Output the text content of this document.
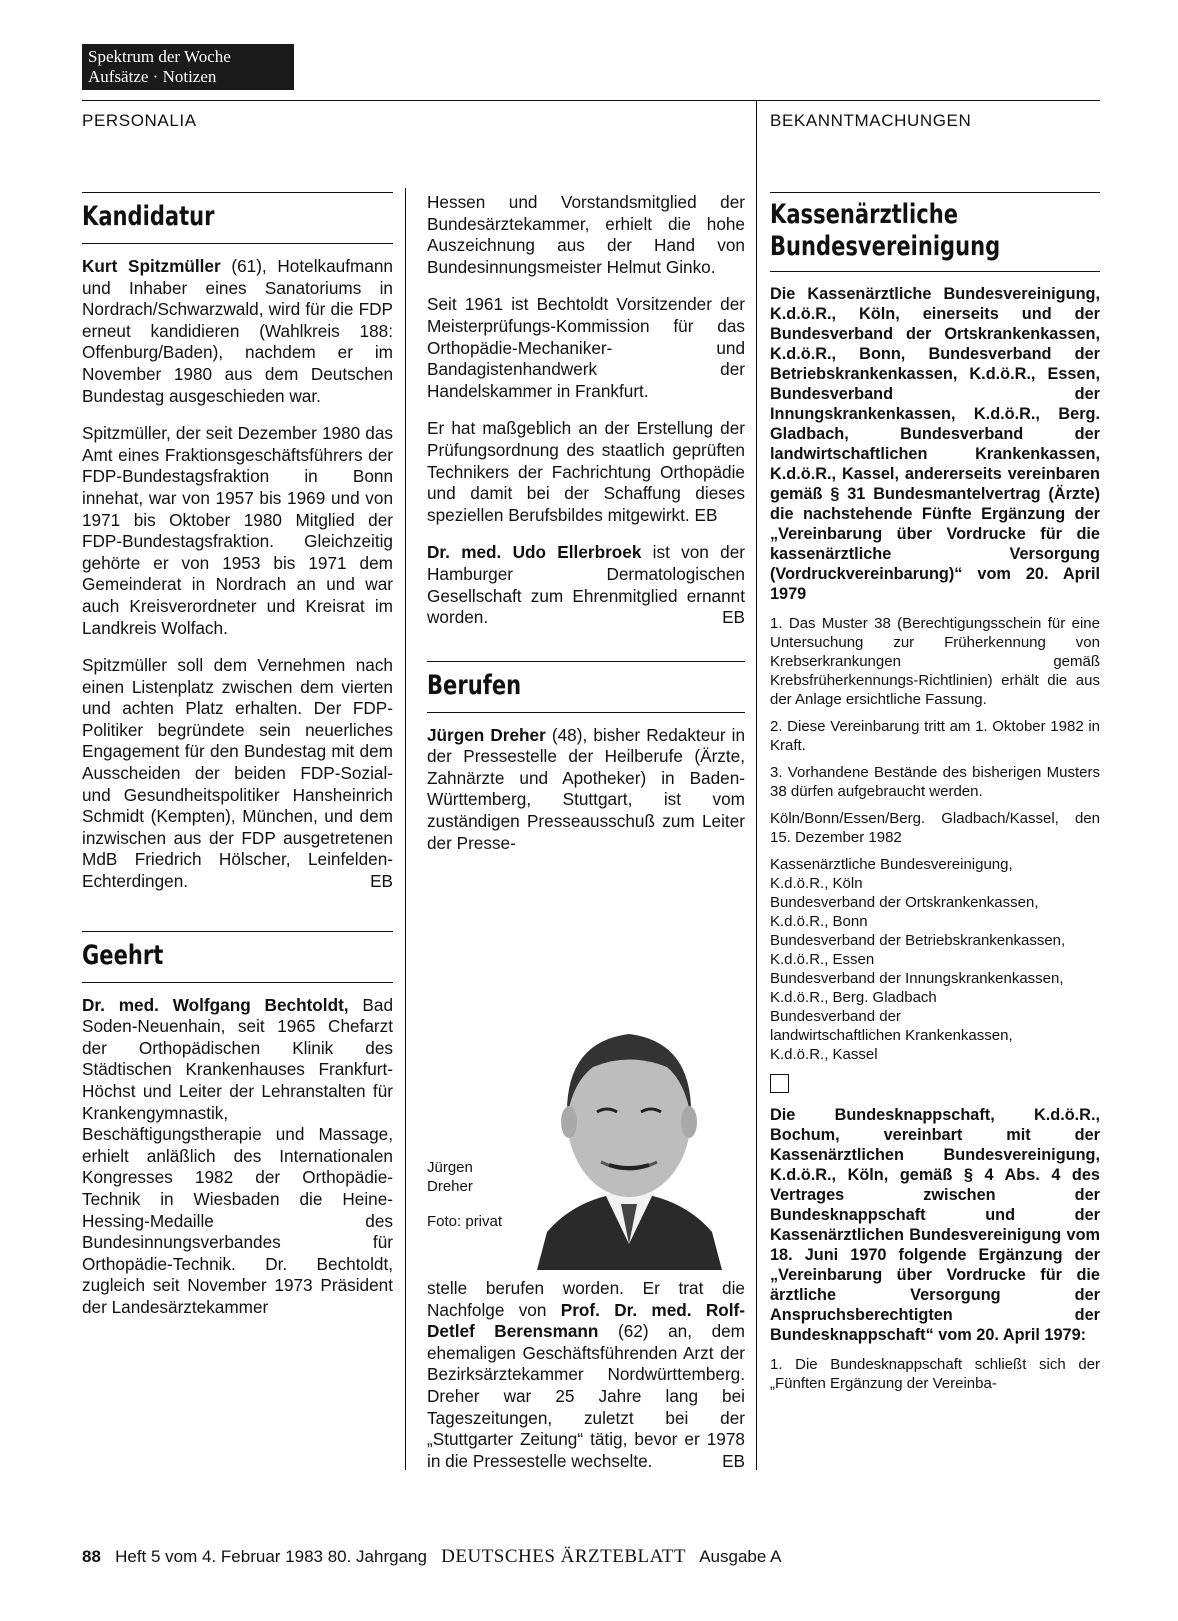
Spektrum der Woche
Aufsätze · Notizen
PERSONALIA	BEKANNTMACHUNGEN
Kandidatur

Kurt Spitzmüller (61), Hotelkaufmann und Inhaber eines Sanatoriums in Nordrach/Schwarzwald, wird für die FDP erneut kandidieren (Wahlkreis 188: Offenburg/Baden), nachdem er im November 1980 aus dem Deutschen Bundestag ausgeschieden war.

Spitzmüller, der seit Dezember 1980 das Amt eines Fraktionsgeschäftsführers der FDP-Bundestagsfraktion in Bonn innehat, war von 1957 bis 1969 und von 1971 bis Oktober 1980 Mitglied der FDP-Bundestagsfraktion. Gleichzeitig gehörte er von 1953 bis 1971 dem Gemeinderat in Nordrach an und war auch Kreisverordneter und Kreisrat im Landkreis Wolfach.

Spitzmüller soll dem Vernehmen nach einen Listenplatz zwischen dem vierten und achten Platz erhalten. Der FDP-Politiker begründete sein neuerliches Engagement für den Bundestag mit dem Ausscheiden der beiden FDP-Sozial- und Gesundheitspolitiker Hansheinrich Schmidt (Kempten), München, und dem inzwischen aus der FDP ausgetretenen MdB Friedrich Hölscher, Leinfelden-Echterdingen.	EB

Geehrt

Dr. med. Wolfgang Bechtoldt, Bad Soden-Neuenhain, seit 1965 Chefarzt der Orthopädischen Klinik des Städtischen Krankenhauses Frankfurt-Höchst und Leiter der Lehranstalten für Krankengymnastik, Beschäftigungstherapie und Massage, erhielt anläßlich des Internationalen Kongresses 1982 der Orthopädie-Technik in Wiesbaden die Heine-Hessing-Medaille des Bundesinnungsverbandes für Orthopädie-Technik. Dr. Bechtoldt, zugleich seit November 1973 Präsident der Landesärztekammer

Hessen und Vorstandsmitglied der Bundesärztekammer, erhielt die hohe Auszeichnung aus der Hand von Bundesinnungsmeister Helmut Ginko.

Seit 1961 ist Bechtoldt Vorsitzender der Meisterprüfungs-Kommission für das Orthopädie-Mechaniker- und Bandagistenhandwerk der Handelskammer in Frankfurt.

Er hat maßgeblich an der Erstellung der Prüfungsordnung des staatlich geprüften Technikers der Fachrichtung Orthopädie und damit bei der Schaffung dieses speziellen Berufsbildes mitgewirkt. EB

Dr. med. Udo Ellerbroek ist von der Hamburger Dermatologischen Gesellschaft zum Ehrenmitglied ernannt worden.	EB

Berufen

Jürgen Dreher (48), bisher Redakteur in der Pressestelle der Heilberufe (Ärzte, Zahnärzte und Apotheker) in Baden-Württemberg, Stuttgart, ist vom zuständigen Presseausschuß zum Leiter der Presse-

Jürgen
Dreher
Foto: privat

stelle berufen worden. Er trat die Nachfolge von Prof. Dr. med. Rolf-Detlef Berensmann (62) an, dem ehemaligen Geschäftsführenden Arzt der Bezirksärztekammer Nordwürttemberg. Dreher war 25 Jahre lang bei Tageszeitungen, zuletzt bei der „Stuttgarter Zeitung“ tätig, bevor er 1978 in die Pressestelle wechselte.	EB

Kassenärztliche
Bundesvereinigung

Die Kassenärztliche Bundesvereinigung, K.d.ö.R., Köln, einerseits und der Bundesverband der Ortskrankenkassen, K.d.ö.R., Bonn, Bundesverband der Betriebskrankenkassen, K.d.ö.R., Essen, Bundesverband der Innungskrankenkassen, K.d.ö.R., Berg. Gladbach, Bundesverband der landwirtschaftlichen Krankenkassen, K.d.ö.R., Kassel, andererseits vereinbaren gemäß § 31 Bundesmantelvertrag (Ärzte) die nachstehende Fünfte Ergänzung der „Vereinbarung über Vordrucke für die kassenärztliche Versorgung (Vordruckvereinbarung)“ vom 20. April 1979

1. Das Muster 38 (Berechtigungsschein für eine Untersuchung zur Früherkennung von Krebserkrankungen gemäß Krebsfrüherkennungs-Richtlinien) erhält die aus der Anlage ersichtliche Fassung.

2. Diese Vereinbarung tritt am 1. Oktober 1982 in Kraft.

3. Vorhandene Bestände des bisherigen Musters 38 dürfen aufgebraucht werden.

Köln/Bonn/Essen/Berg. Gladbach/Kassel, den 15. Dezember 1982

Kassenärztliche Bundesvereinigung,

K.d.ö.R., Köln

Bundesverband der Ortskrankenkassen,

K.d.ö.R., Bonn

Bundesverband der Betriebskrankenkassen,

K.d.ö.R., Essen

Bundesverband der Innungskrankenkassen,

K.d.ö.R., Berg. Gladbach

Bundesverband der

landwirtschaftlichen Krankenkassen,

K.d.ö.R., Kassel

Die Bundesknappschaft, K.d.ö.R., Bochum, vereinbart mit der Kassenärztlichen Bundesvereinigung, K.d.ö.R., Köln, gemäß § 4 Abs. 4 des Vertrages zwischen der Bundesknappschaft und der Kassenärztlichen Bundesvereinigung vom 18. Juni 1970 folgende Ergänzung der „Vereinbarung über Vordrucke für die ärztliche Versorgung der Anspruchsberechtigten der Bundesknappschaft“ vom 20. April 1979:

1. Die Bundesknappschaft schließt sich der „Fünften Ergänzung der Vereinba-

88 Heft 5 vom 4. Februar 1983 80. Jahrgang DEUTSCHES ÄRZTEBLATT Ausgabe A
